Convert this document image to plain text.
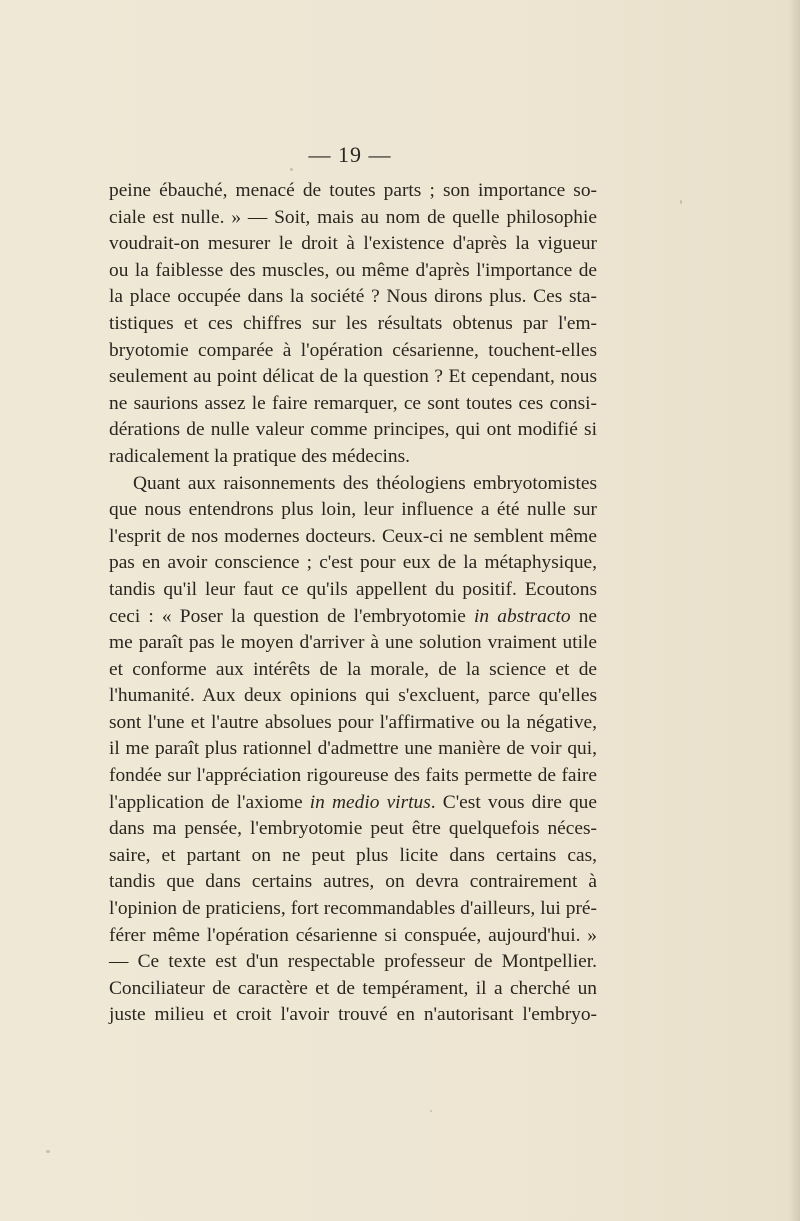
— 19 —
peine ébauché, menacé de toutes parts ; son importance so-
ciale est nulle. » — Soit, mais au nom de quelle philosophie
voudrait-on mesurer le droit à l'existence d'après la vigueur
ou la faiblesse des muscles, ou même d'après l'importance de
la place occupée dans la société ? Nous dirons plus. Ces sta-
tistiques et ces chiffres sur les résultats obtenus par l'em-
bryotomie comparée à l'opération césarienne, touchent-elles
seulement au point délicat de la question ? Et cependant, nous
ne saurions assez le faire remarquer, ce sont toutes ces consi-
dérations de nulle valeur comme principes, qui ont modifié si
radicalement la pratique des médecins.
Quant aux raisonnements des théologiens embryotomistes
que nous entendrons plus loin, leur influence a été nulle sur
l'esprit de nos modernes docteurs. Ceux-ci ne semblent même
pas en avoir conscience ; c'est pour eux de la métaphysique,
tandis qu'il leur faut ce qu'ils appellent du positif. Ecoutons
ceci : « Poser la question de l'embryotomie in abstracto ne
me paraît pas le moyen d'arriver à une solution vraiment utile
et conforme aux intérêts de la morale, de la science et de
l'humanité. Aux deux opinions qui s'excluent, parce qu'elles
sont l'une et l'autre absolues pour l'affirmative ou la négative,
il me paraît plus rationnel d'admettre une manière de voir qui,
fondée sur l'appréciation rigoureuse des faits permette de faire
l'application de l'axiome in medio virtus. C'est vous dire que
dans ma pensée, l'embryotomie peut être quelquefois néces-
saire, et partant on ne peut plus licite dans certains cas,
tandis que dans certains autres, on devra contrairement à
l'opinion de praticiens, fort recommandables d'ailleurs, lui pré-
férer même l'opération césarienne si conspuée, aujourd'hui. »
— Ce texte est d'un respectable professeur de Montpellier.
Conciliateur de caractère et de tempérament, il a cherché un
juste milieu et croit l'avoir trouvé en n'autorisant l'embryo-
